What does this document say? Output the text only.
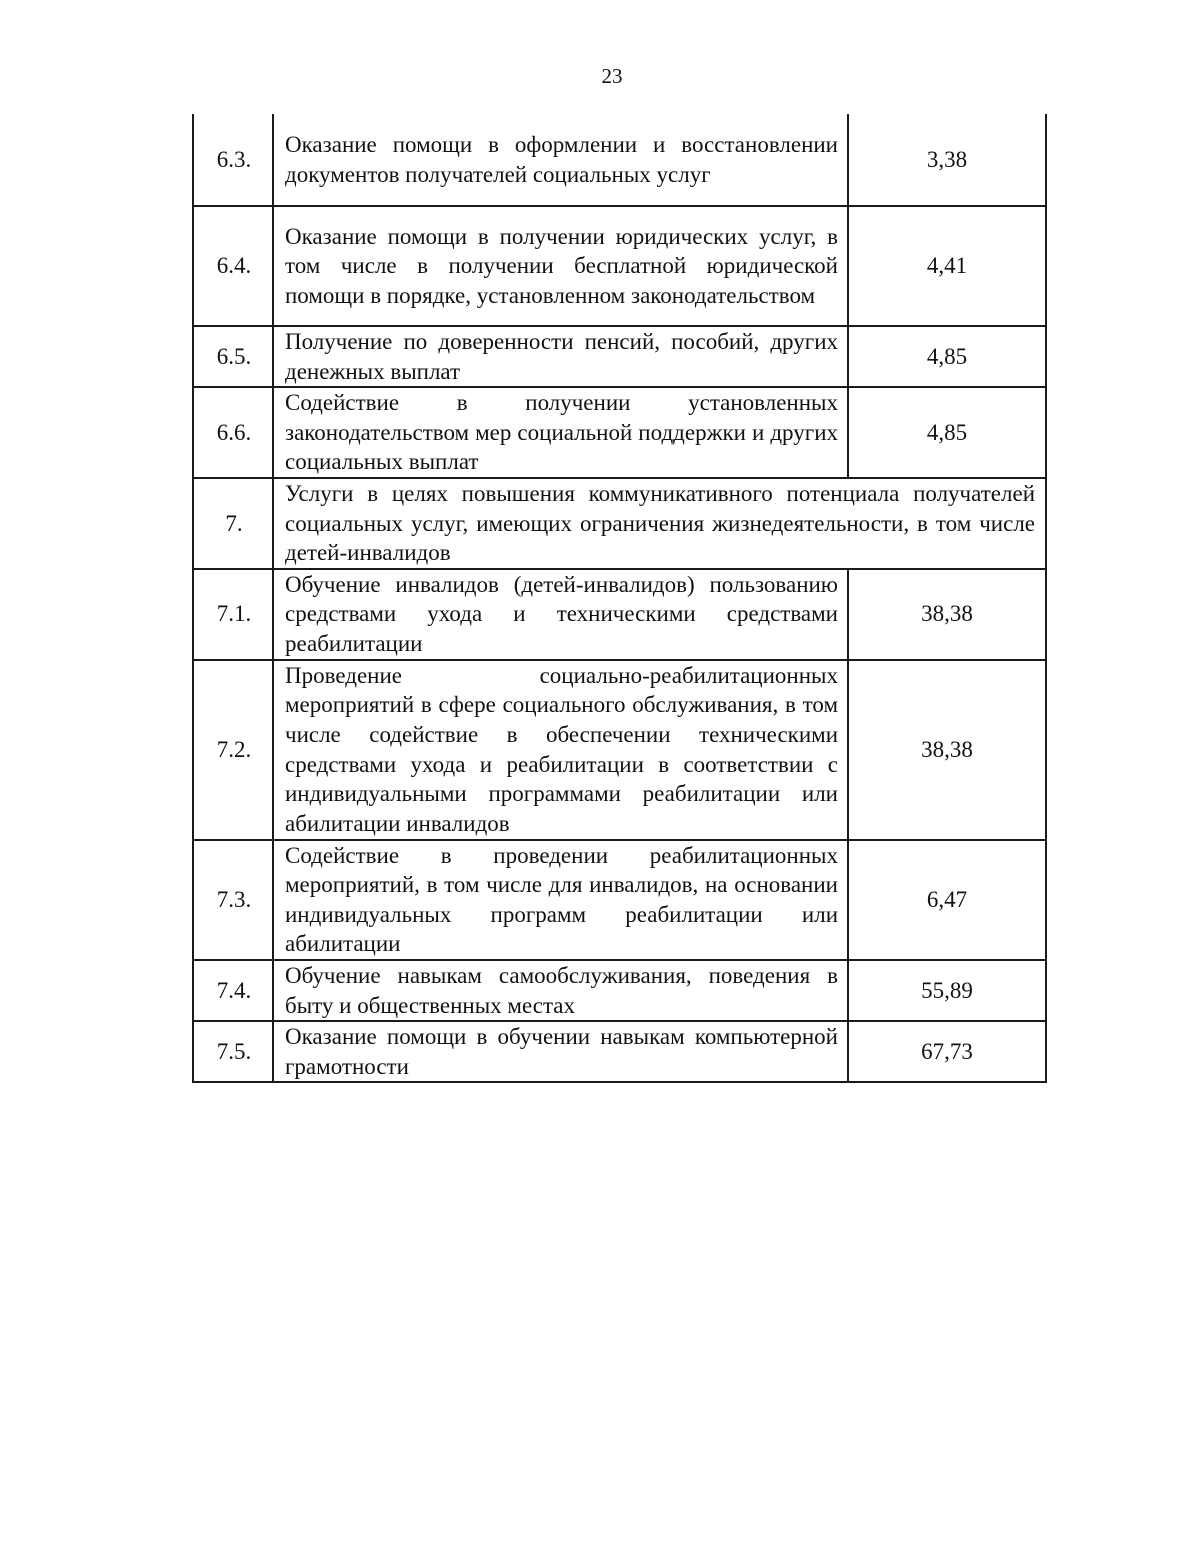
23
6.3.	Оказание помощи в оформлении и восстановлении документов получателей социальных услуг	3,38
6.4.	Оказание помощи в получении юридических услуг, в том числе в получении бесплатной юридической помощи в порядке, установленном законодательством	4,41
6.5.	Получение по доверенности пенсий, пособий, других денежных выплат	4,85
6.6.	Содействие в получении установленных законодательством мер социальной поддержки и других социальных выплат	4,85
7.	Услуги в целях повышения коммуникативного потенциала получателей социальных услуг, имеющих ограничения жизнедеятельности, в том числе детей-инвалидов	
7.1.	Обучение инвалидов (детей-инвалидов) пользованию средствами ухода и техническими средствами реабилитации	38,38
7.2.	Проведение социально-реабилитационных мероприятий в сфере социального обслуживания, в том числе содействие в обеспечении техническими средствами ухода и реабилитации в соответствии с индивидуальными программами реабилитации или абилитации инвалидов	38,38
7.3.	Содействие в проведении реабилитационных мероприятий, в том числе для инвалидов, на основании индивидуальных программ реабилитации или абилитации	6,47
7.4.	Обучение навыкам самообслуживания, поведения в быту и общественных местах	55,89
7.5.	Оказание помощи в обучении навыкам компьютерной грамотности	67,73
